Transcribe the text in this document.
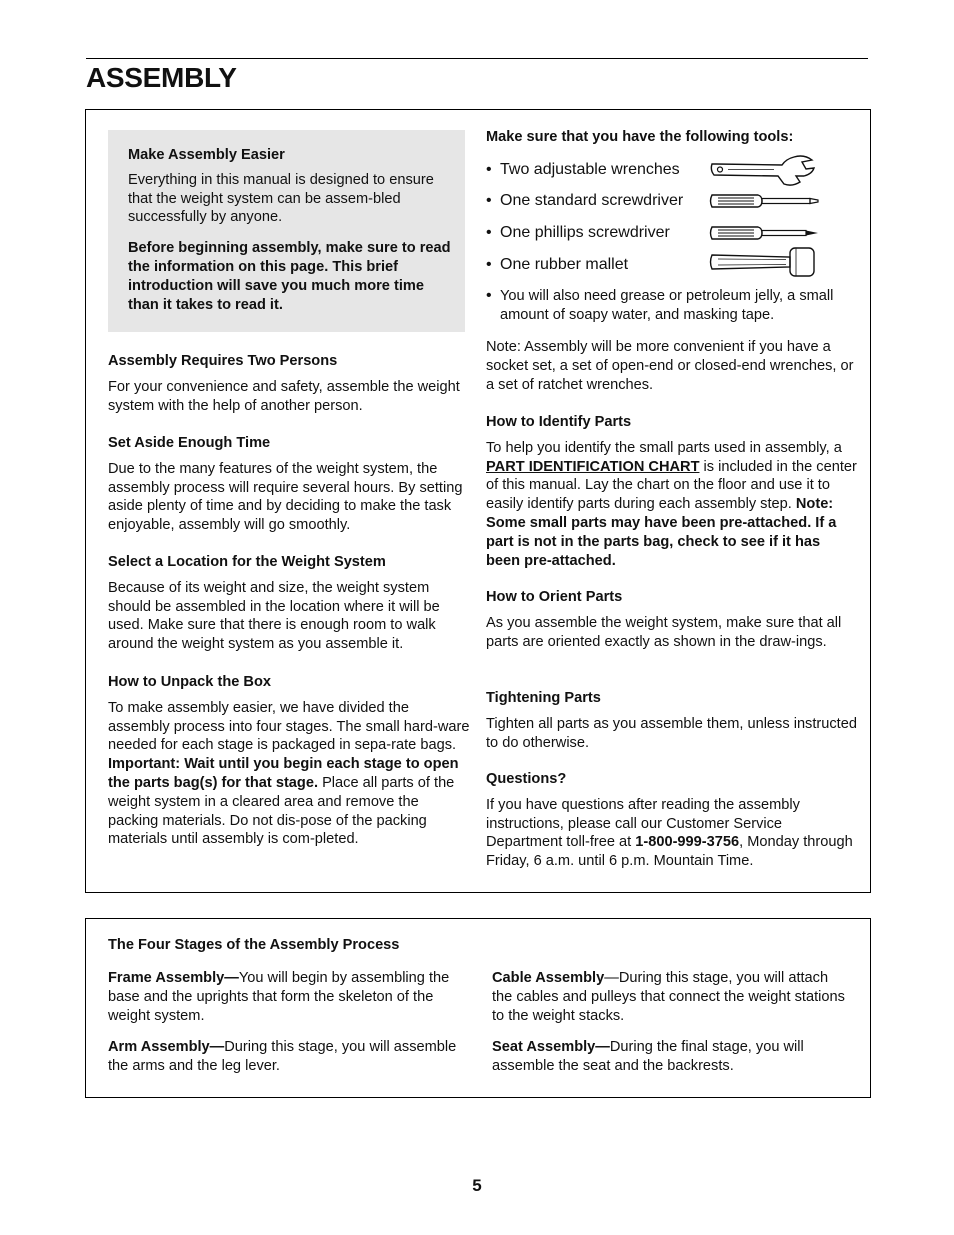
ASSEMBLY
Make Assembly Easier

Everything in this manual is designed to ensure that the weight system can be assem-bled successfully by anyone.

Before beginning assembly, make sure to read the information on this page. This brief introduction will save you much more time than it takes to read it.

Assembly Requires Two Persons

For your convenience and safety, assemble the weight system with the help of another person.

Set Aside Enough Time

Due to the many features of the weight system, the assembly process will require several hours. By setting aside plenty of time and by deciding to make the task enjoyable, assembly will go smoothly.

Select a Location for the Weight System

Because of its weight and size, the weight system should be assembled in the location where it will be used. Make sure that there is enough room to walk around the weight system as you assemble it.

How to Unpack the Box

To make assembly easier, we have divided the assembly process into four stages. The small hard-ware needed for each stage is packaged in sepa-rate bags. Important: Wait until you begin each stage to open the parts bag(s) for that stage. Place all parts of the weight system in a cleared area and remove the packing materials. Do not dis-pose of the packing materials until assembly is com-pleted.

Make sure that you have the following tools:
• Two adjustable wrenches
• One standard screwdriver
• One phillips screwdriver
• One rubber mallet
• You will also need grease or petroleum jelly, a small amount of soapy water, and masking tape.

Note: Assembly will be more convenient if you have a socket set, a set of open-end or closed-end wrenches, or a set of ratchet wrenches.

How to Identify Parts

To help you identify the small parts used in assembly, a PART IDENTIFICATION CHART is included in the center of this manual. Lay the chart on the floor and use it to easily identify parts during each assembly step. Note: Some small parts may have been pre-attached. If a part is not in the parts bag, check to see if it has been pre-attached.

How to Orient Parts

As you assemble the weight system, make sure that all parts are oriented exactly as shown in the draw-ings.

Tightening Parts

Tighten all parts as you assemble them, unless instructed to do otherwise.

Questions?

If you have questions after reading the assembly instructions, please call our Customer Service Department toll-free at 1-800-999-3756, Monday through Friday, 6 a.m. until 6 p.m. Mountain Time.

The Four Stages of the Assembly Process

Frame Assembly—You will begin by assembling the base and the uprights that form the skeleton of the weight system.

Cable Assembly—During this stage, you will attach the cables and pulleys that connect the weight stations to the weight stacks.

Arm Assembly—During this stage, you will assemble the arms and the leg lever.

Seat Assembly—During the final stage, you will assemble the seat and the backrests.

5
